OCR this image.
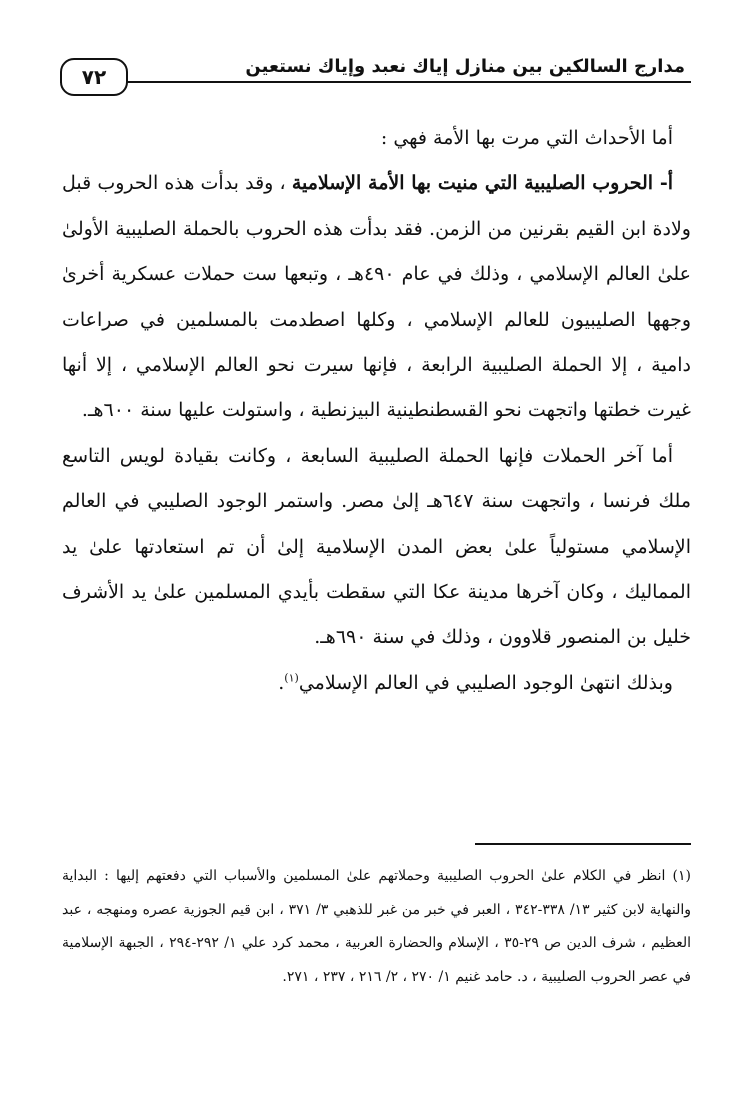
مدارج السالكين بين منازل إياك نعبد وإياك نستعين
٧٢

أما الأحداث التي مرت بها الأمة فهي :

أ- الحروب الصليبية التي منيت بها الأمة الإسلامية ، وقد بدأت هذه الحروب قبل ولادة ابن القيم بقرنين من الزمن. فقد بدأت هذه الحروب بالحملة الصليبية الأولىٰ علىٰ العالم الإسلامي ، وذلك في عام ٤٩٠هـ ، وتبعها ست حملات عسكرية أخرىٰ وجهها الصليبيون للعالم الإسلامي ، وكلها اصطدمت بالمسلمين في صراعات دامية ، إلا الحملة الصليبية الرابعة ، فإنها سيرت نحو العالم الإسلامي ، إلا أنها غيرت خطتها واتجهت نحو القسطنطينية البيزنطية ، واستولت عليها سنة ٦٠٠هـ.

أما آخر الحملات فإنها الحملة الصليبية السابعة ، وكانت بقيادة لويس التاسع ملك فرنسا ، واتجهت سنة ٦٤٧هـ إلىٰ مصر. واستمر الوجود الصليبي في العالم الإسلامي مستولياً علىٰ بعض المدن الإسلامية إلىٰ أن تم استعادتها علىٰ يد المماليك ، وكان آخرها مدينة عكا التي سقطت بأيدي المسلمين علىٰ يد الأشرف خليل بن المنصور قلاوون ، وذلك في سنة ٦٩٠هـ.

وبذلك انتهىٰ الوجود الصليبي في العالم الإسلامي$^{(١)}$.

(١) انظر في الكلام علىٰ الحروب الصليبية وحملاتهم علىٰ المسلمين والأسباب التي دفعتهم إليها : البداية والنهاية لابن كثير ١٣/ ٣٣٨-٣٤٢ ، العبر في خبر من غبر للذهبي ٣/ ٣٧١ ، ابن قيم الجوزية عصره ومنهجه ، عبد العظيم ، شرف الدين ص ٢٩-٣٥ ، الإسلام والحضارة العربية ، محمد كرد علي ١/ ٢٩٢-٢٩٤ ، الجبهة الإسلامية في عصر الحروب الصليبية ، د. حامد غنيم ١/ ٢٧٠ ، ٢/ ٢١٦ ، ٢٣٧ ، ٢٧١.
